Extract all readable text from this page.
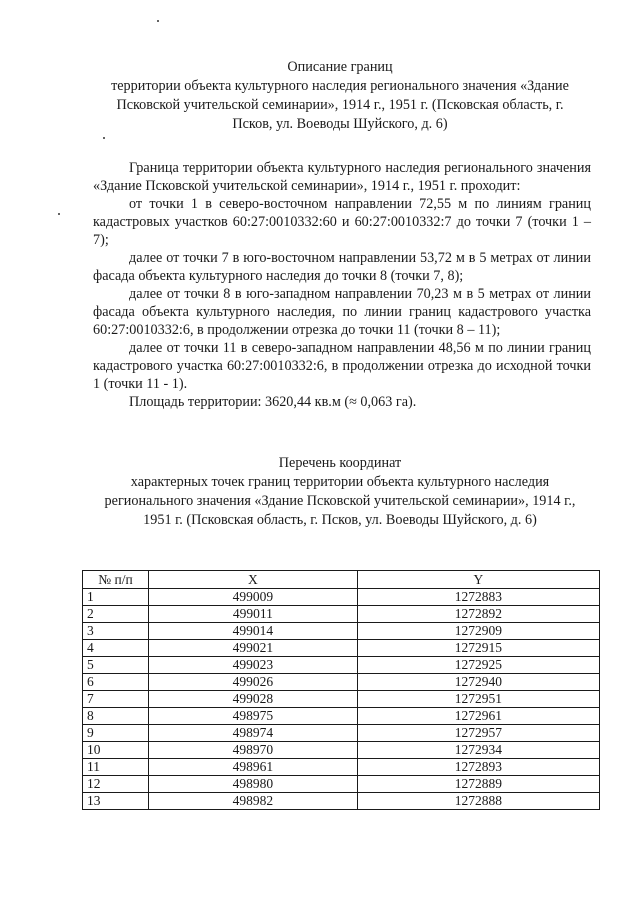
Описание границ
территории объекта культурного наследия регионального значения «Здание
Псковской учительской семинарии», 1914 г., 1951 г. (Псковская область, г.
Псков, ул. Воеводы Шуйского, д. 6)

Граница территории объекта культурного наследия регионального значения «Здание Псковской учительской семинарии», 1914 г., 1951 г. проходит:

от точки 1 в северо-восточном направлении 72,55 м по линиям границ кадастровых участков 60:27:0010332:60 и 60:27:0010332:7 до точки 7 (точки 1 – 7);

далее от точки 7 в юго-восточном направлении 53,72 м в 5 метрах от линии фасада объекта культурного наследия до точки 8 (точки 7, 8);

далее от точки 8 в юго-западном направлении 70,23 м в 5 метрах от линии фасада объекта культурного наследия, по линии границ кадастрового участка 60:27:0010332:6, в продолжении отрезка до точки 11 (точки 8 – 11);

далее от точки 11 в северо-западном направлении 48,56 м по линии границ кадастрового участка 60:27:0010332:6, в продолжении отрезка до исходной точки 1 (точки 11 - 1).

Площадь территории: 3620,44 кв.м (≈ 0,063 га).

Перечень координат
характерных точек границ территории объекта культурного наследия
регионального значения «Здание Псковской учительской семинарии», 1914 г.,
1951 г. (Псковская область, г. Псков, ул. Воеводы Шуйского, д. 6)
№ п/п	X	Y
1	499009	1272883
2	499011	1272892
3	499014	1272909
4	499021	1272915
5	499023	1272925
6	499026	1272940
7	499028	1272951
8	498975	1272961
9	498974	1272957
10	498970	1272934
11	498961	1272893
12	498980	1272889
13	498982	1272888
